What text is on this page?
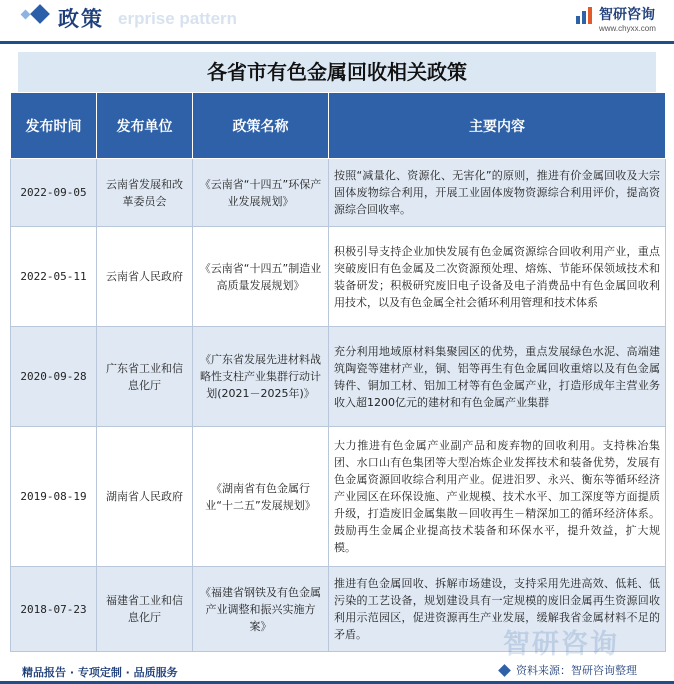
政策 erprise pattern	智研咨询
www.chyxx.com
各省市有色金属回收相关政策
发布时间	发布单位	政策名称	主要内容
2022-09-05	云南省发展和改革委员会	《云南省“十四五”环保产业发展规划》	按照“减量化、资源化、无害化”的原则，推进有价金属回收及大宗固体废物综合利用，开展工业固体废物资源综合利用评价，提高资源综合回收率。
2022-05-11	云南省人民政府	《云南省“十四五”制造业高质量发展规划》	积极引导支持企业加快发展有色金属资源综合回收利用产业，重点突破废旧有色金属及二次资源预处理、熔炼、节能环保领域技术和装备研发；积极研究废旧电子设备及电子消费品中有色金属回收利用技术，以及有色金属全社会循环利用管理和技术体系
2020-09-28	广东省工业和信息化厅	《广东省发展先进材料战略性支柱产业集群行动计划(2021－2025年)》	充分利用地域原材料集聚园区的优势，重点发展绿色水泥、高端建筑陶瓷等建材产业，铜、铝等再生有色金属回收重熔以及有色金属铸件、铜加工材、铝加工材等有色金属产业，打造形成年主营业务收入超1200亿元的建材和有色金属产业集群
2019-08-19	湖南省人民政府	《湖南省有色金属行业“十二五”发展规划》	大力推进有色金属产业副产品和废弃物的回收利用。支持株冶集团、水口山有色集团等大型冶炼企业发挥技术和装备优势，发展有色金属资源回收综合利用产业。促进汨罗、永兴、衡东等循环经济产业园区在环保设施、产业规模、技术水平、加工深度等方面提质升级，打造废旧金属集散－回收再生－精深加工的循环经济体系。鼓励再生金属企业提高技术装备和环保水平，提升效益，扩大规模。
2018-07-23	福建省工业和信息化厅	《福建省钢铁及有色金属产业调整和振兴实施方案》	推进有色金属回收、拆解市场建设，支持采用先进高效、低耗、低污染的工艺设备，规划建设具有一定规模的废旧金属再生资源回收利用示范园区，促进资源再生产业发展，缓解我省金属材料不足的矛盾。	智研咨询
精品报告 · 专项定制 · 品质服务	资料来源：智研咨询整理
